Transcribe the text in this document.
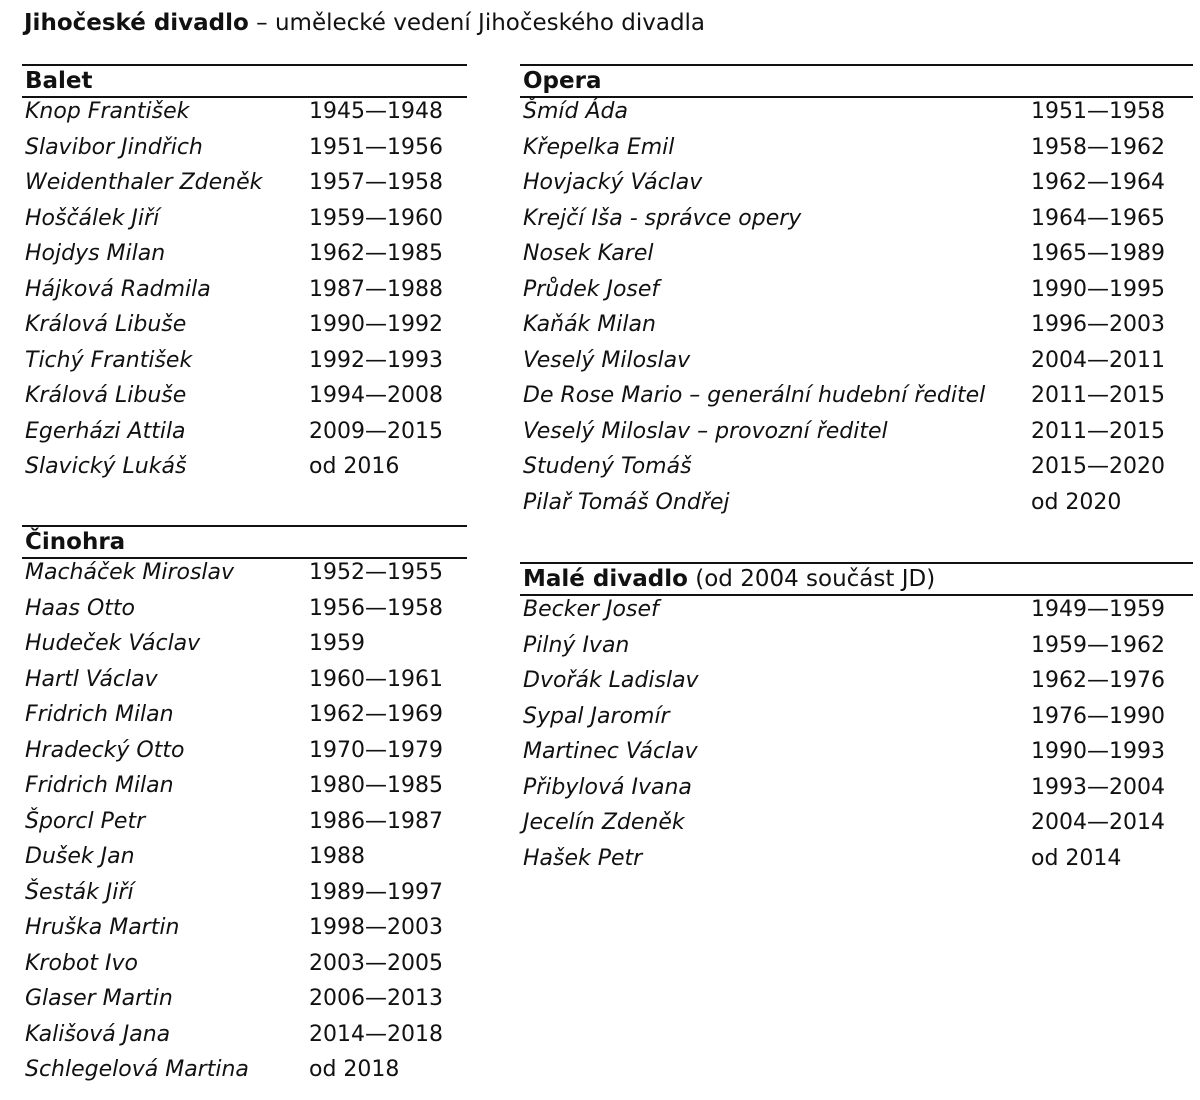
Jihočeské divadlo – umělecké vedení Jihočeského divadla
Balet
Knop František	1945—1948
Slavibor Jindřich	1951—1956
Weidenthaler Zdeněk 1957—1958
Hoščálek Jiří	1959—1960
Hojdys Milan	1962—1985
Hájková Radmila	1987—1988
Králová Libuše	1990—1992
Tichý František	1992—1993
Králová Libuše	1994—2008
Egerházi Attila	2009—2015
Slavický Lukáš	od 2016
Činohra
Macháček Miroslav	1952—1955
Haas Otto	1956—1958
Hudeček Václav	1959
Hartl Václav	1960—1961
Fridrich Milan	1962—1969
Hradecký Otto	1970—1979
Fridrich Milan	1980—1985
Šporcl Petr	1986—1987
Dušek Jan	1988
Šesták Jiří	1989—1997
Hruška Martin	1998—2003
Krobot Ivo	2003—2005
Glaser Martin	2006—2013
Kališová Jana	2014—2018
Schlegelová Martina	od 2018
Opera
Šmíd Áda	1951—1958
Křepelka Emil	1958—1962
Hovjacký Václav	1962—1964
Krejčí Iša - správce opery	1964—1965
Nosek Karel	1965—1989
Průdek Josef	1990—1995
Kaňák Milan	1996—2003
Veselý Miloslav	2004—2011
De Rose Mario – generální hudební ředitel 2011—2015
Veselý Miloslav – provozní ředitel	2011—2015
Studený Tomáš	2015—2020
Pilař Tomáš Ondřej	od 2020
Malé divadlo (od 2004 součást JD)
Becker Josef	1949—1959
Pilný Ivan	1959—1962
Dvořák Ladislav	1962—1976
Sypal Jaromír	1976—1990
Martinec Václav	1990—1993
Přibylová Ivana	1993—2004
Jecelín Zdeněk	2004—2014
Hašek Petr	od 2014
